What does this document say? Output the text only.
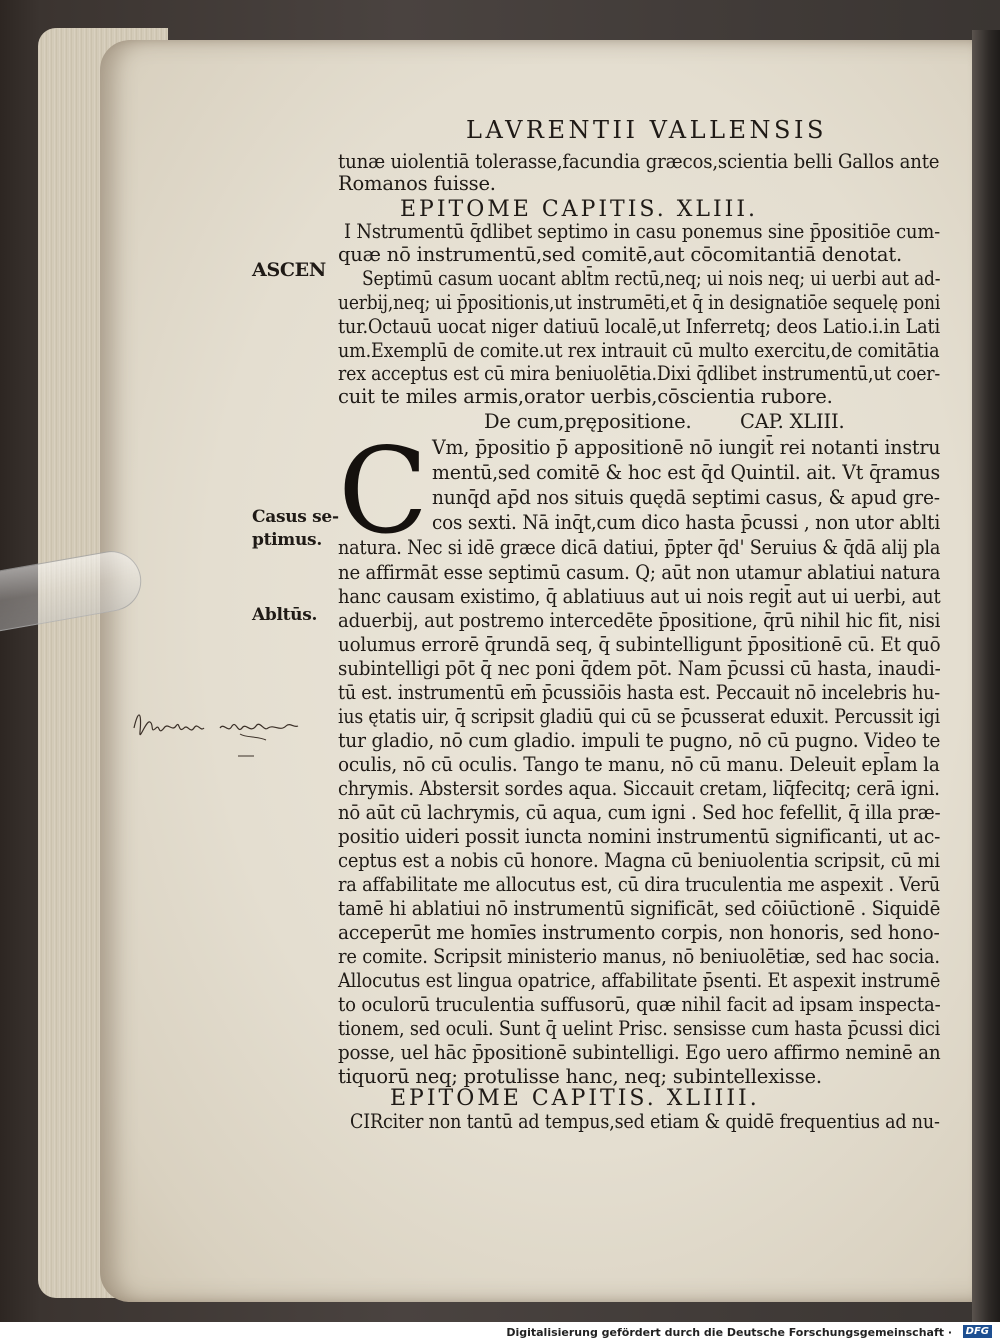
LAVRENTII VALLENSIS

tunæ uiolentiā tolerasse,facundia græcos,scientia belli Gallos ante

Romanos fuisse.

EPITOME CAPITIS. XLIII.

I Nstrumentū q̄dlibet septimo in casu ponemus sine p̄positiōe cum-

quæ nō instrumentū,sed comitē,aut cōcomitantiā denotat.

Septimū casum uocant ablt̄m rectū,neq; ui nois neq; ui uerbi aut ad-

uerbij,neq; ui p̄positionis,ut instrumēti,et q̄ in designatiōe sequelę poni

tur.Octauū uocat niger datiuū localē,ut Inferretq; deos Latio.i.in Lati

um.Exemplū de comite.ut rex intrauit cū multo exercitu,de comitātia

rex acceptus est cū mira beniuolētia.Dixi q̄dlibet instrumentū,ut coer-

cuit te miles armis,orator uerbis,cōscientia rubore.

De cum,prępositione. CAP. XLIII.

C Vm, p̄positio p̄ appositionē nō iungit̄ rei notanti instru

mentū,sed comitē & hoc est q̄d Quintil. ait. Vt q̄ramus

nunq̄d ap̄d nos situis quędā septimi casus, & apud gre-

cos sexti. Nā inq̄t,cum dico hasta p̄cussi , non utor ablti

natura. Nec si idē græce dicā datiui, p̄pter q̄d' Seruius & q̄dā alij pla

ne affirmāt esse septimū casum. Q; aūt non utamur ablatiui natura

hanc causam existimo, q̄ ablatiuus aut ui nois regit̄ aut ui uerbi, aut

aduerbij, aut postremo intercedēte p̄positione, q̄rū nihil hic fit, nisi

uolumus errorē q̄rundā seq, q̄ subintelligunt p̄positionē cū. Et quō

subintelligi pōt q̄ nec poni q̄dem pōt. Nam p̄cussi cū hasta, inaudi-

tū est. instrumentū em̄ p̄cussiōis hasta est. Peccauit nō incelebris hu-

ius ętatis uir, q̄ scripsit gladiū qui cū se p̄cusserat eduxit. Percussit igi

tur gladio, nō cum gladio. impuli te pugno, nō cū pugno. Video te

oculis, nō cū oculis. Tango te manu, nō cū manu. Deleuit epl̄am la

chrymis. Abstersit sordes aqua. Siccauit cretam, liq̄fecitq; cerā igni.

nō aūt cū lachrymis, cū aqua, cum igni . Sed hoc fefellit, q̄ illa præ-

positio uideri possit iuncta nomini instrumentū significanti, ut ac-

ceptus est a nobis cū honore. Magna cū beniuolentia scripsit, cū mi

ra affabilitate me allocutus est, cū dira truculentia me aspexit . Verū

tamē hi ablatiui nō instrumentū significāt, sed cōiūctionē . Siquidē

acceperūt me homīes instrumento corpis, non honoris, sed hono-

re comite. Scripsit ministerio manus, nō beniuolētiæ, sed hac socia.

Allocutus est lingua opatrice, affabilitate p̄senti. Et aspexit instrumē

to oculorū truculentia suffusorū, quæ nihil facit ad ipsam inspecta-

tionem, sed oculi. Sunt q̄ uelint Prisc. sensisse cum hasta p̄cussi dici

posse, uel hāc p̄positionē subintelligi. Ego uero affirmo neminē an

tiquorū neq; protulisse hanc, neq; subintellexisse.

EPITOME CAPITIS. XLIIII.

CIRciter non tantū ad tempus,sed etiam & quidē frequentius ad nu-

ASCEN

Casus se-

ptimus.

Abltūs.

Digitalisierung gefördert durch die Deutsche Forschungsgemeinschaft ·	DFG
